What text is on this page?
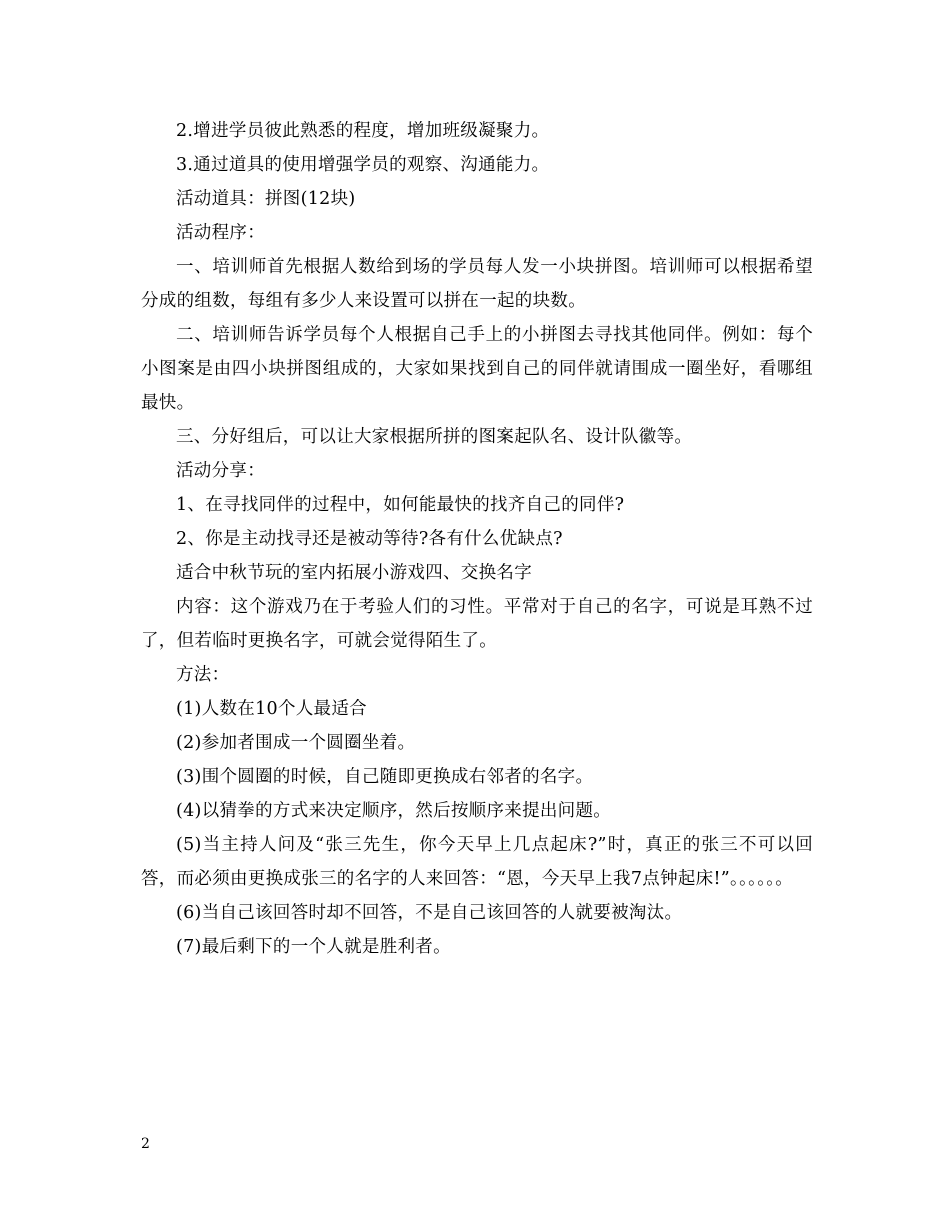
2.增进学员彼此熟悉的程度，增加班级凝聚力。

3.通过道具的使用增强学员的观察、沟通能力。

活动道具：拼图(12块)

活动程序：

一、培训师首先根据人数给到场的学员每人发一小块拼图。培训师可以根据希望分成的组数，每组有多少人来设置可以拼在一起的块数。

二、培训师告诉学员每个人根据自己手上的小拼图去寻找其他同伴。例如：每个小图案是由四小块拼图组成的，大家如果找到自己的同伴就请围成一圈坐好，看哪组最快。

三、分好组后，可以让大家根据所拼的图案起队名、设计队徽等。

活动分享：

1、在寻找同伴的过程中，如何能最快的找齐自己的同伴?

2、你是主动找寻还是被动等待?各有什么优缺点?

适合中秋节玩的室内拓展小游戏四、交换名字

内容：这个游戏乃在于考验人们的习性。平常对于自己的名字，可说是耳熟不过了，但若临时更换名字，可就会觉得陌生了。

方法：

(1)人数在10个人最适合

(2)参加者围成一个圆圈坐着。

(3)围个圆圈的时候，自己随即更换成右邻者的名字。

(4)以猜拳的方式来决定顺序，然后按顺序来提出问题。

(5)当主持人问及“张三先生，你今天早上几点起床?”时，真正的张三不可以回答，而必须由更换成张三的名字的人来回答：“恩，今天早上我7点钟起床!”。。。。。。

(6)当自己该回答时却不回答，不是自己该回答的人就要被淘汰。

(7)最后剩下的一个人就是胜利者。

2
